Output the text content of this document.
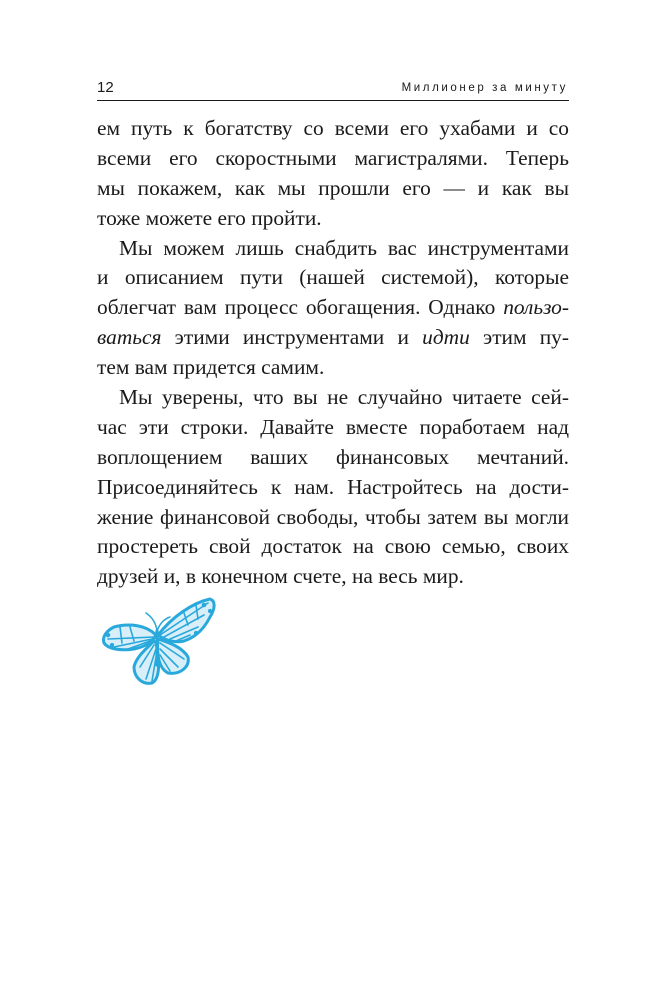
12	Миллионер за минуту

ем путь к богатству со всеми его ухабами и со
всеми его скоростными магистралями. Теперь
мы покажем, как мы прошли его — и как вы
тоже можете его пройти.

Мы можем лишь снабдить вас инструментами
и описанием пути (нашей системой), которые
облегчат вам процесс обогащения. Однако пользо-
ваться этими инструментами и идти этим пу-
тем вам придется самим.

Мы уверены, что вы не случайно читаете сей-
час эти строки. Давайте вместе поработаем над
воплощением ваших финансовых мечтаний.
Присоединяйтесь к нам. Настройтесь на дости-
жение финансовой свободы, чтобы затем вы могли
простереть свой достаток на свою семью, своих
друзей и, в конечном счете, на весь мир.
